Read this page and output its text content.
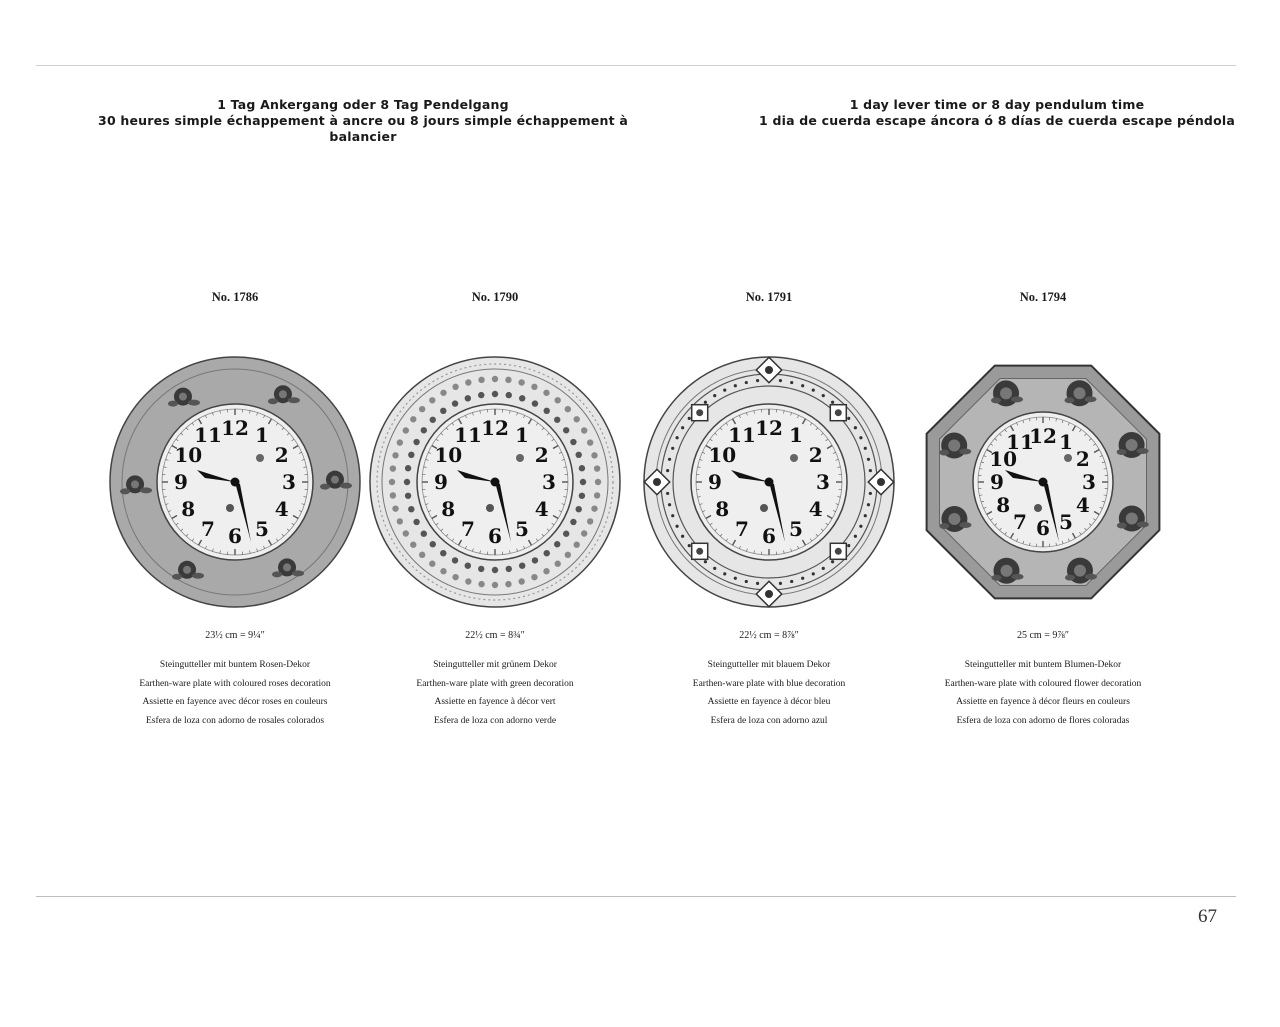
1 Tag Ankergang oder 8 Tag Pendelgang
30 heures simple échappement à ancre ou 8 jours simple échappement à balancier
1 day lever time or 8 day pendulum time
1 dia de cuerda escape áncora ó 8 días de cuerda escape péndola
No. 1786
1
2
3
4
5
6
7
8
9
10
11 12
23½ cm = 9¼″
Steingutteller mit buntem Rosen-Dekor
Earthen-ware plate with coloured roses decoration
Assiette en fayence avec décor roses en couleurs
Esfera de loza con adorno de rosales colorados
No. 1790
1
2
3
4
5
6
7
8
9
10
11 12
22½ cm = 8¾″
Steingutteller mit grünem Dekor
Earthen-ware plate with green decoration
Assiette en fayence à décor vert
Esfera de loza con adorno verde
No. 1791
1
2
3
4
5
6
7
8
9
10
11 12
22½ cm = 8⅞″
Steingutteller mit blauem Dekor
Earthen-ware plate with blue decoration
Assiette en fayence à décor bleu
Esfera de loza con adorno azul
No. 1794
1
2
3
4
5
6
7
8
9
10
11
12
25 cm = 9⅞″
Steingutteller mit buntem Blumen-Dekor
Earthen-ware plate with coloured flower decoration
Assiette en fayence à décor fleurs en couleurs
Esfera de loza con adorno de flores coloradas
67
